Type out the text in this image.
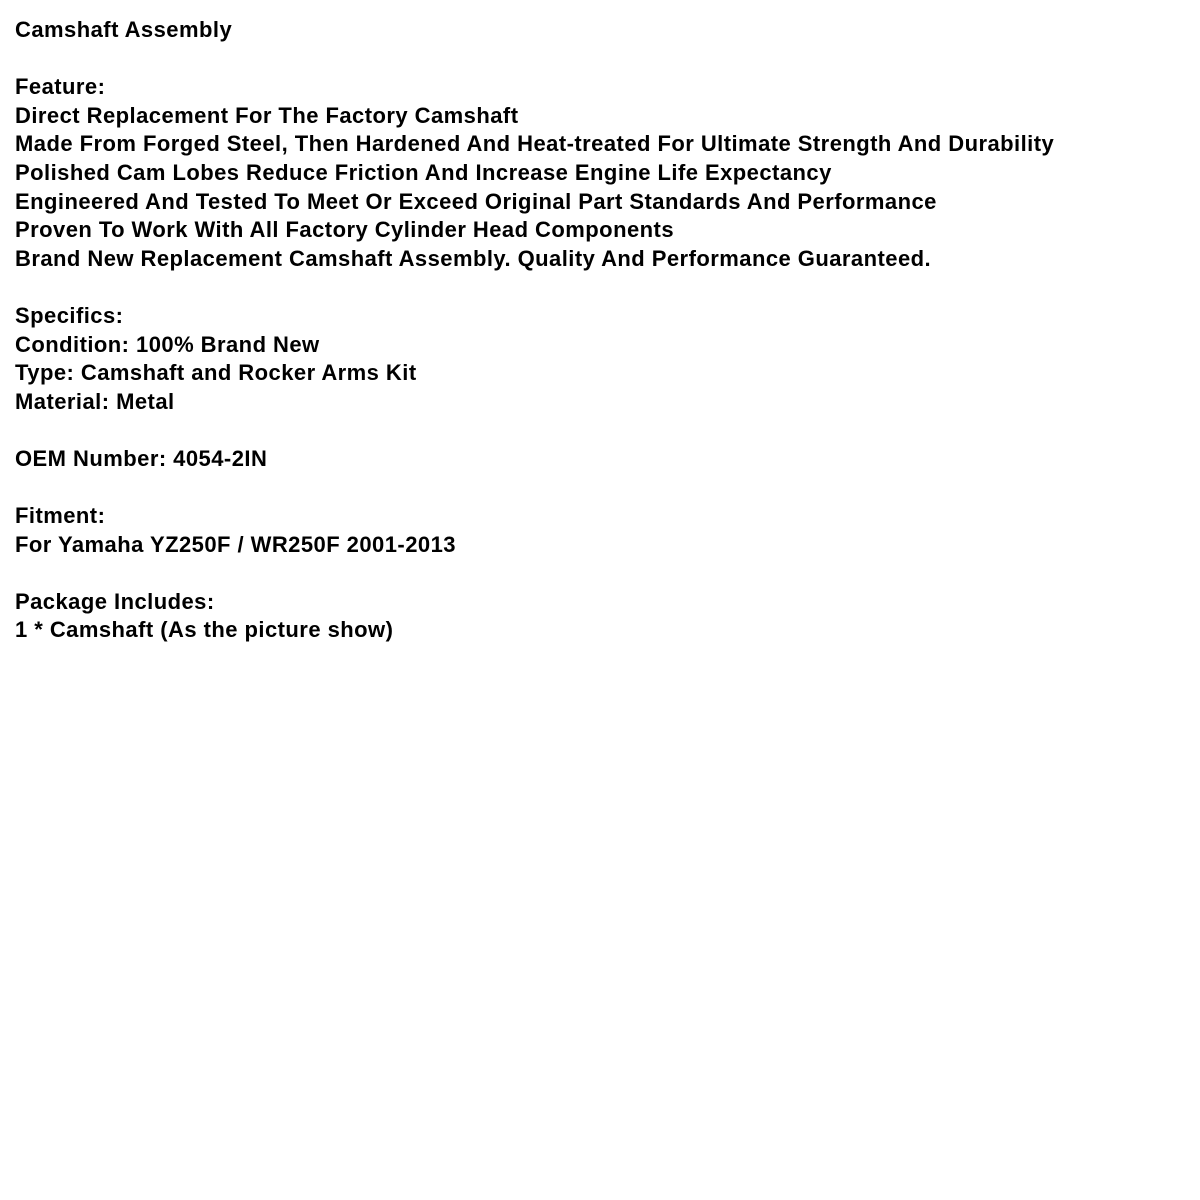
Camshaft Assembly
Feature:
Direct Replacement For The Factory Camshaft
Made From Forged Steel, Then Hardened And Heat-treated For Ultimate Strength And Durability
Polished Cam Lobes Reduce Friction And Increase Engine Life Expectancy
Engineered And Tested To Meet Or Exceed Original Part Standards And Performance
Proven To Work With All Factory Cylinder Head Components
Brand New Replacement Camshaft Assembly. Quality And Performance Guaranteed.
Specifics:
Condition: 100% Brand New
Type: Camshaft and Rocker Arms Kit
Material: Metal
OEM Number: 4054-2IN
Fitment:
For Yamaha YZ250F / WR250F 2001-2013
Package Includes:
1 * Camshaft (As the picture show)
